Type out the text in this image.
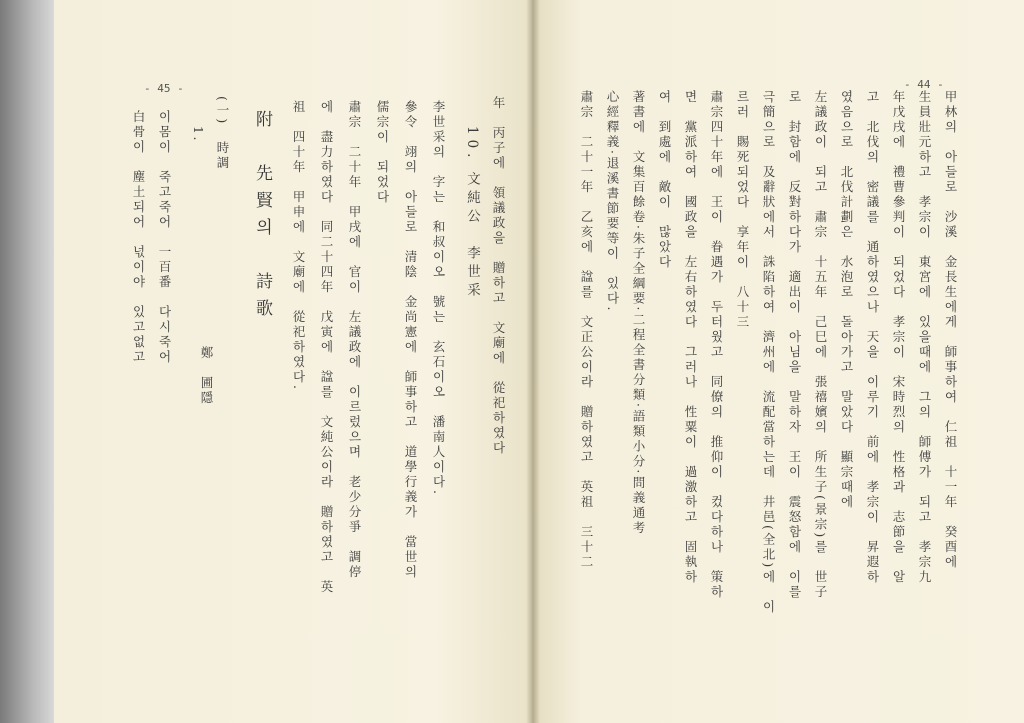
- 45 -
年　丙子에　領議政을　贈하고　文廟에　從祀하였다
10. 文純公　李世采
李世采의　字는　和叔이오　號는　玄石이오　潘南人이다.
參令　翊의　아들로　清陰　金尚憲에　師事하고　道學行義가　當世의
儒宗이　되었다
肅宗　二十年　甲戌에　官이　左議政에　이르렀으며　老少分爭　調停
에　盡力하였다　同二十四年　戊寅에　諡를　文純公이라　贈하였고　英
祖　四十年　甲申에　文廟에　從祀하였다.
附　先賢의　詩歌
(一)　時調
1.
鄭　圃隱
이몸이　죽고죽어　一百番　다시죽어
白骨이　塵土되어　넋이야　있고없고
- 44 -
甲林의　아들로　沙溪　金長生에게　師事하여　仁祖　十一年　癸酉에
生員壯元하고　孝宗이　東宮에　있을때에　그의　師傅가　되고　孝宗九
年戊戌에　禮曹參判이　되었다　孝宗이　宋時烈의　性格과　志節을　알
고　北伐의　密議를　通하였으나　天을　이루기　前에　孝宗이　昇遐하
였음으로　北伐計劃은　水泡로　돌아가고　말았다　顯宗때에
左議政이　되고　肅宗　十五年　己巳에　張禧嬪의　所生子(景宗)를　世子
로　封함에　反對하다가　適出이　아님을　말하자　王이　震怒함에　이를
극簡으로　及辭狀에서　誅陷하여　濟州에　流配當하는데　井邑(全北)에　이
르러　賜死되었다　享年이　八十三
肅宗四十年에　王이　眷遇가　두터웠고　同僚의　推仰이　컸다하나　策하
면　黨派하여　國政을　左右하였다　그러나　性粟이　過激하고　固執하
여　到處에　敵이　많았다
著書에　文集百餘卷·朱子全綱要·二程全書分類·語類小分·問義通考
心經釋義·退溪書節要等이　있다.
肅宗　二十一年　乙亥에　諡를　文正公이라　贈하였고　英祖　三十二
